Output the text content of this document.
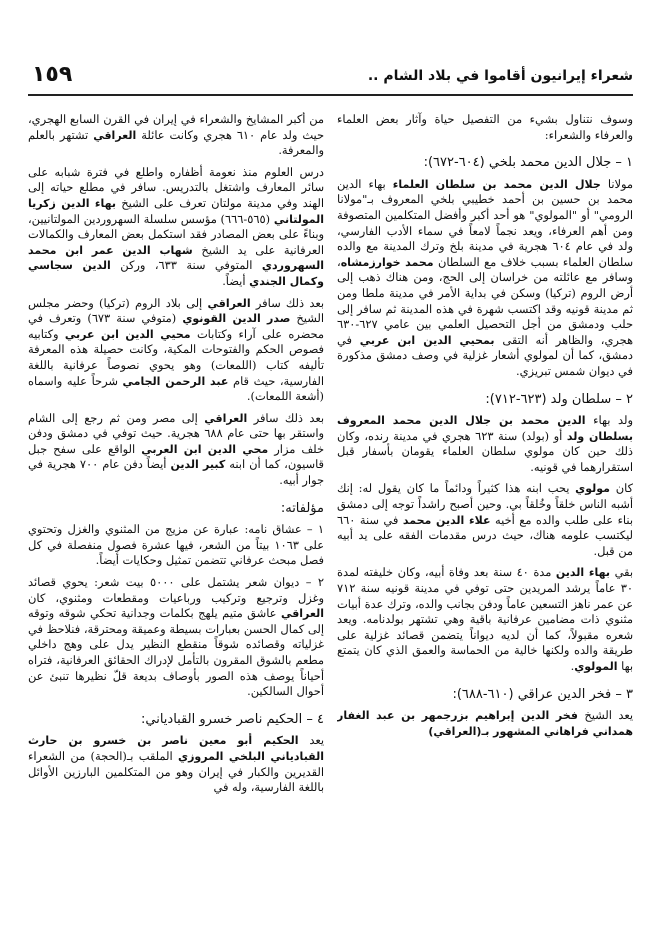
١٥٩	شعراء إيرانيون أقاموا في بلاد الشام ..

وسوف نتناول بشيء من التفصيل حياة وآثار بعض العلماء والعرفاء والشعراء:

١ – جلال الدين محمد بلخي (٦٠٤-٦٧٢):

مولانا جلال الدين محمد بن سلطان العلماء بهاء الدين محمد بن حسين بن أحمد خطيبي بلخي المعروف بـ"مولانا الرومي" أو "المولوي" هو أحد أكبر وأفضل المتكلمين المتصوفة ومن أهم العرفاء، ويعد نجماً لامعاً في سماء الأدب الفارسي، ولد في عام ٦٠٤ هجرية في مدينة بلخ وترك المدينة مع والده سلطان العلماء بسبب خلاف مع السلطان محمد خوارزمشاه، وسافر مع عائلته من خراسان إلى الحج، ومن هناك ذهب إلى أرض الروم (تركيا) وسكن في بداية الأمر في مدينة ملطا ومن ثم مدينة قونيه وقد اكتسب شهرة في هذه المدينة ثم سافر إلى حلب ودمشق من أجل التحصيل العلمي بين عامي ٦٢٧-٦٣٠ هجري، والظاهر أنه التقى بمحيي الدين ابن عربي في دمشق، كما أن لمولوي أشعار غزلية في وصف دمشق مذكورة في ديوان شمس تبريزي.

٢ – سلطان ولد (٦٢٣-٧١٢):

ولد بهاء الدين محمد بن جلال الدين محمد المعروف بسلطان ولد أو (بولد) سنة ٦٢٣ هجري في مدينة رنده، وكان ذلك حين كان مولوي سلطان العلماء يقومان بأسفار قبل استقرارهما في قونيه.

كان مولوي يحب ابنه هذا كثيراً ودائماً ما كان يقول له: إنك أشبه الناس خلقاً وخُلقاً بي. وحين أصبح راشداً توجه إلى دمشق بناء على طلب والده مع أخيه علاء الدين محمد في سنة ٦٦٠ ليكتسب علومه هناك، حيث درس مقدمات الفقه على يد أبيه من قبل.

بقي بهاء الدين مدة ٤٠ سنة بعد وفاة أبيه، وكان خليفته لمدة ٣٠ عاماً يرشد المريدين حتى توفي في مدينة قونيه سنة ٧١٢ عن عمر ناهز التسعين عاماً ودفن بجانب والده، وترك عدة أبيات مثنوي ذات مضامين عرفانية باقية وهي تشتهر بولدنامه. ويعد شعره مقبولاً، كما أن لديه ديواناً يتضمن قصائد غزلية على طريقة والده ولكنها خالية من الحماسة والعمق الذي كان يتمتع بها المولوي.

٣ – فخر الدين عراقي (٦١٠-٦٨٨):

يعد الشيخ فخر الدين إبراهيم بزرجمهر بن عبد الغفار همداني فراهاني المشهور بـ(العراقي)

من أكبر المشايخ والشعراء في إيران في القرن السابع الهجري، حيث ولد عام ٦١٠ هجري وكانت عائلة العراقي تشتهر بالعلم والمعرفة.

درس العلوم منذ نعومة أظفاره واطلع في فترة شبابه على سائر المعارف واشتغل بالتدريس. سافر في مطلع حياته إلى الهند وفي مدينة مولتان تعرف على الشيخ بهاء الدين زكريا المولتاني (٥٦٥-٦٦٦) مؤسس سلسلة السهروردين المولتانيين، وبناءً على بعض المصادر فقد استكمل بعض المعارف والكمالات العرفانية على يد الشيخ شهاب الدين عمر ابن محمد السهروردي المتوفي سنة ٦٣٣، وركن الدين سجاسي وكمال الجندي أيضاً.

بعد ذلك سافر العراقي إلى بلاد الروم (تركيا) وحضر مجلس الشيخ صدر الدين القونوي (متوفي سنة ٦٧٣) وتعرف في محضره على آراء وكتابات محيي الدين ابن عربي وكتابيه فصوص الحكم والفتوحات المكية، وكانت حصيلة هذه المعرفة تأليفه كتاب (اللمعات) وهو يحوي نصوصاً عرفانية باللغة الفارسية، حيث قام عبد الرحمن الجامي شرحاً عليه واسماه (أشعة اللمعات).

بعد ذلك سافر العراقي إلى مصر ومن ثم رجع إلى الشام واستقر بها حتى عام ٦٨٨ هجرية. حيث توفي في دمشق ودفن خلف مزار محي الدين ابن العربي الواقع على سفح جبل قاسيون، كما أن ابنه كبير الدين أيضاً دفن عام ٧٠٠ هجرية في جوار أبيه.

مؤلفاته:

١ – عشاق نامه: عبارة عن مزيج من المثنوي والغزل وتحتوي على ١٠٦٣ بيتاً من الشعر، فيها عشرة فصول منفصلة في كل فصل مبحث عرفاني تتضمن تمثيل وحكايات أيضاً.

٢ – ديوان شعر يشتمل على ٥٠٠٠ بيت شعر: يحوي قصائد وغزل وترجيع وتركيب ورباعيات ومقطعات ومثنوي، كان العراقي عاشق متيم يلهج بكلمات وجدانية تحكي شوقه وتوقه إلى كمال الحسن بعبارات بسيطة وعميقة ومحترقة، فنلاحظ في غزلياته وقصائده شوقاً منقطع النظير يدل على وهج داخلي مطعم بالشوق المقرون بالتأمل لإدراك الحقائق العرفانية، فتراه أحياناً يوصف هذه الصور بأوصاف بديعة قلّ نظيرها تنبئ عن أحوال السالكين.

٤ – الحكيم ناصر خسرو القبادياني:

يعد الحكيم أبو معين ناصر بن خسرو بن حارث القبادياني البلخي المروزي الملقب بـ(الحجة) من الشعراء القديرين والكبار في إيران وهو من المتكلمين البارزين الأوائل باللغة الفارسية، وله في
